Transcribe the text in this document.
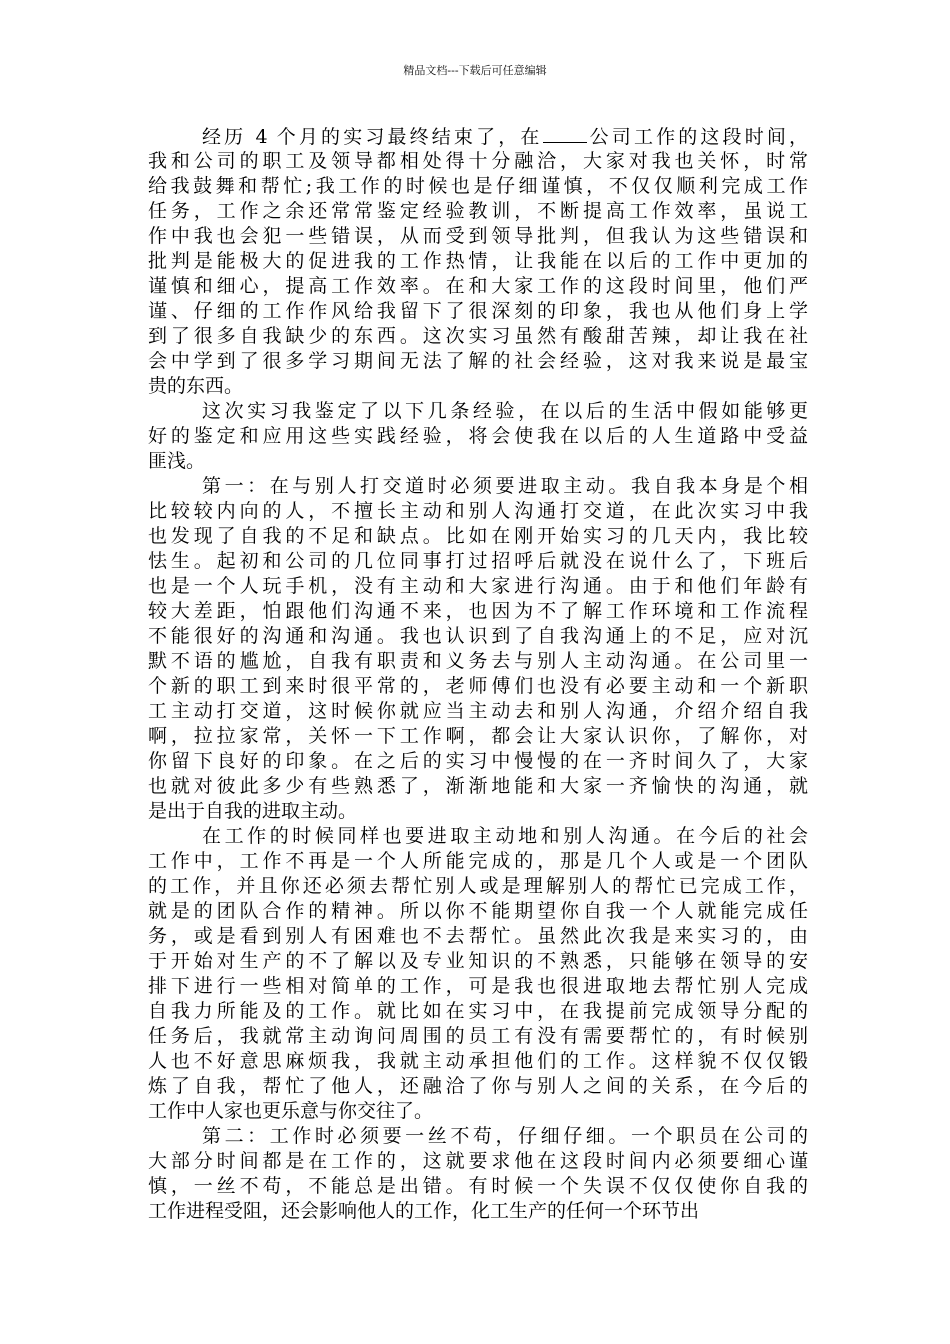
精品文档---下载后可任意编辑
经历 4 个月的实习最终结束了，在 公司工作的这段时间，
我和公司的职工及领导都相处得十分融洽，大家对我也关怀，时常
给我鼓舞和帮忙;我工作的时候也是仔细谨慎，不仅仅顺利完成工作
任务，工作之余还常常鉴定经验教训，不断提高工作效率，虽说工
作中我也会犯一些错误，从而受到领导批判，但我认为这些错误和
批判是能极大的促进我的工作热情，让我能在以后的工作中更加的
谨慎和细心，提高工作效率。在和大家工作的这段时间里，他们严
谨、仔细的工作作风给我留下了很深刻的印象，我也从他们身上学
到了很多自我缺少的东西。这次实习虽然有酸甜苦辣，却让我在社
会中学到了很多学习期间无法了解的社会经验，这对我来说是最宝
贵的东西。
这次实习我鉴定了以下几条经验，在以后的生活中假如能够更
好的鉴定和应用这些实践经验，将会使我在以后的人生道路中受益
匪浅。
第一：在与别人打交道时必须要进取主动。我自我本身是个相
比较较内向的人，不擅长主动和别人沟通打交道，在此次实习中我
也发现了自我的不足和缺点。比如在刚开始实习的几天内，我比较
怯生。起初和公司的几位同事打过招呼后就没在说什么了，下班后
也是一个人玩手机，没有主动和大家进行沟通。由于和他们年龄有
较大差距，怕跟他们沟通不来，也因为不了解工作环境和工作流程
不能很好的沟通和沟通。我也认识到了自我沟通上的不足，应对沉
默不语的尴尬，自我有职责和义务去与别人主动沟通。在公司里一
个新的职工到来时很平常的，老师傅们也没有必要主动和一个新职
工主动打交道，这时候你就应当主动去和别人沟通，介绍介绍自我
啊，拉拉家常，关怀一下工作啊，都会让大家认识你，了解你，对
你留下良好的印象。在之后的实习中慢慢的在一齐时间久了，大家
也就对彼此多少有些熟悉了，渐渐地能和大家一齐愉快的沟通，就
是出于自我的进取主动。
在工作的时候同样也要进取主动地和别人沟通。在今后的社会
工作中，工作不再是一个人所能完成的，那是几个人或是一个团队
的工作，并且你还必须去帮忙别人或是理解别人的帮忙已完成工作，
就是的团队合作的精神。所以你不能期望你自我一个人就能完成任
务，或是看到别人有困难也不去帮忙。虽然此次我是来实习的，由
于开始对生产的不了解以及专业知识的不熟悉，只能够在领导的安
排下进行一些相对简单的工作，可是我也很进取地去帮忙别人完成
自我力所能及的工作。就比如在实习中，在我提前完成领导分配的
任务后，我就常主动询问周围的员工有没有需要帮忙的，有时候别
人也不好意思麻烦我，我就主动承担他们的工作。这样貌不仅仅锻
炼了自我，帮忙了他人，还融洽了你与别人之间的关系，在今后的
工作中人家也更乐意与你交往了。
第二：工作时必须要一丝不苟，仔细仔细。一个职员在公司的
大部分时间都是在工作的，这就要求他在这段时间内必须要细心谨
慎，一丝不苟，不能总是出错。有时候一个失误不仅仅使你自我的
工作进程受阻，还会影响他人的工作，化工生产的任何一个环节出
